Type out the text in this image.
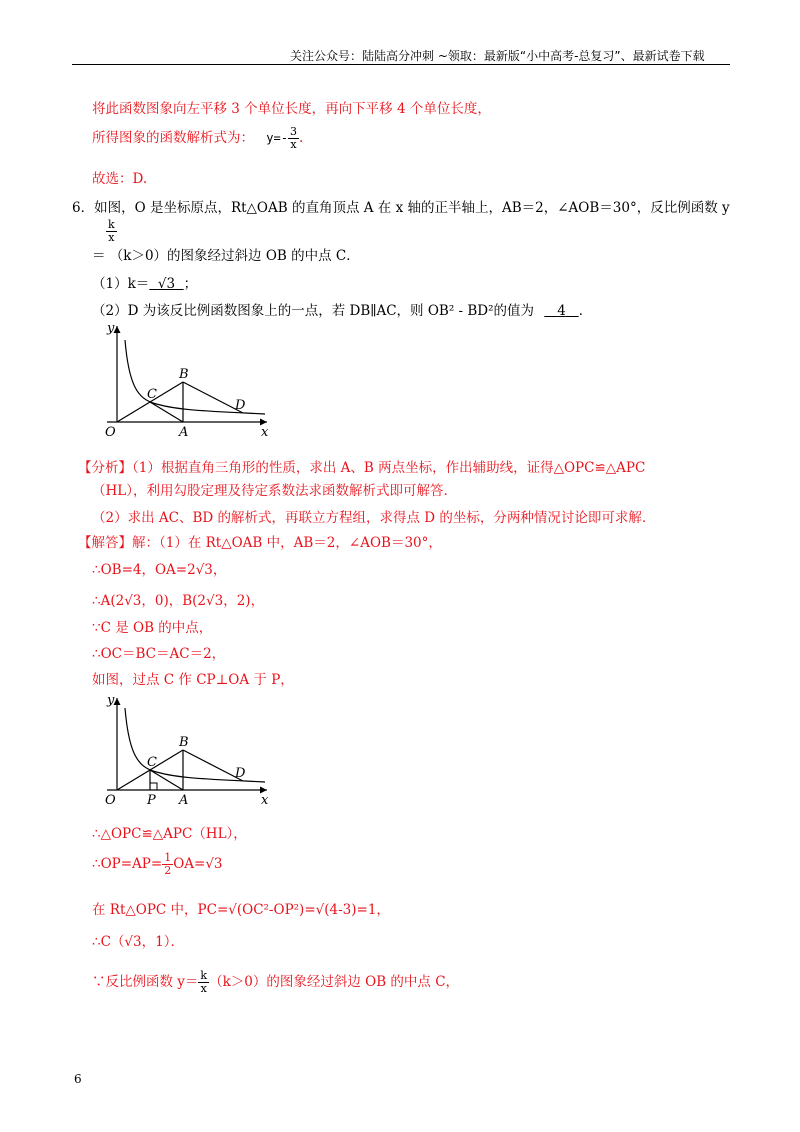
关注公众号：陆陆高分冲刺 ~领取：最新版“小中高考-总复习”、最新试卷下载
将此函数图象向左平移 3 个单位长度，再向下平移 4 个单位长度，
所得图象的函数解析式为： $y=- \frac{3}{x}$ .
故选：D.
6．如图，O 是坐标原点，Rt△OAB 的直角顶点 A 在 x 轴的正半轴上，AB＝2，∠AOB＝30°，反比例函数 y
$\frac{k}{x}$
＝ （k＞0）的图象经过斜边 OB 的中点 C．
（1）k＝ √3 ；
（2）D 为该反比例函数图象上的一点，若 DB∥AC，则 OB² - BD²的值为 4 ．
y
B
C
D
O	A	x
【分析】（1）根据直角三角形的性质，求出 A、B 两点坐标，作出辅助线，证得△OPC≌△APC
（HL），利用勾股定理及待定系数法求函数解析式即可解答．
（2）求出 AC、BD 的解析式，再联立方程组，求得点 D 的坐标，分两种情况讨论即可求解．
【解答】解：（1）在 Rt△OAB 中，AB＝2，∠AOB＝30°，
∴OB=4，OA=2√3，
∴A(2√3，0)，B(2√3，2)，
∵C 是 OB 的中点，
∴OC＝BC＝AC＝2，
如图，过点 C 作 CP⊥OA 于 P，
y
B
C
D
O P A	x
∴△OPC≌△APC（HL），
∴OP=AP= $\frac{1}{2} OA=√3$
在 Rt△OPC 中，PC=√(OC²-OP²)=√(4-3)=1，
∴C（√3，1）．
∵反比例函数 $y= \frac{k}{x} (k>0)$的图象经过斜边 OB 的中点 C，
6
